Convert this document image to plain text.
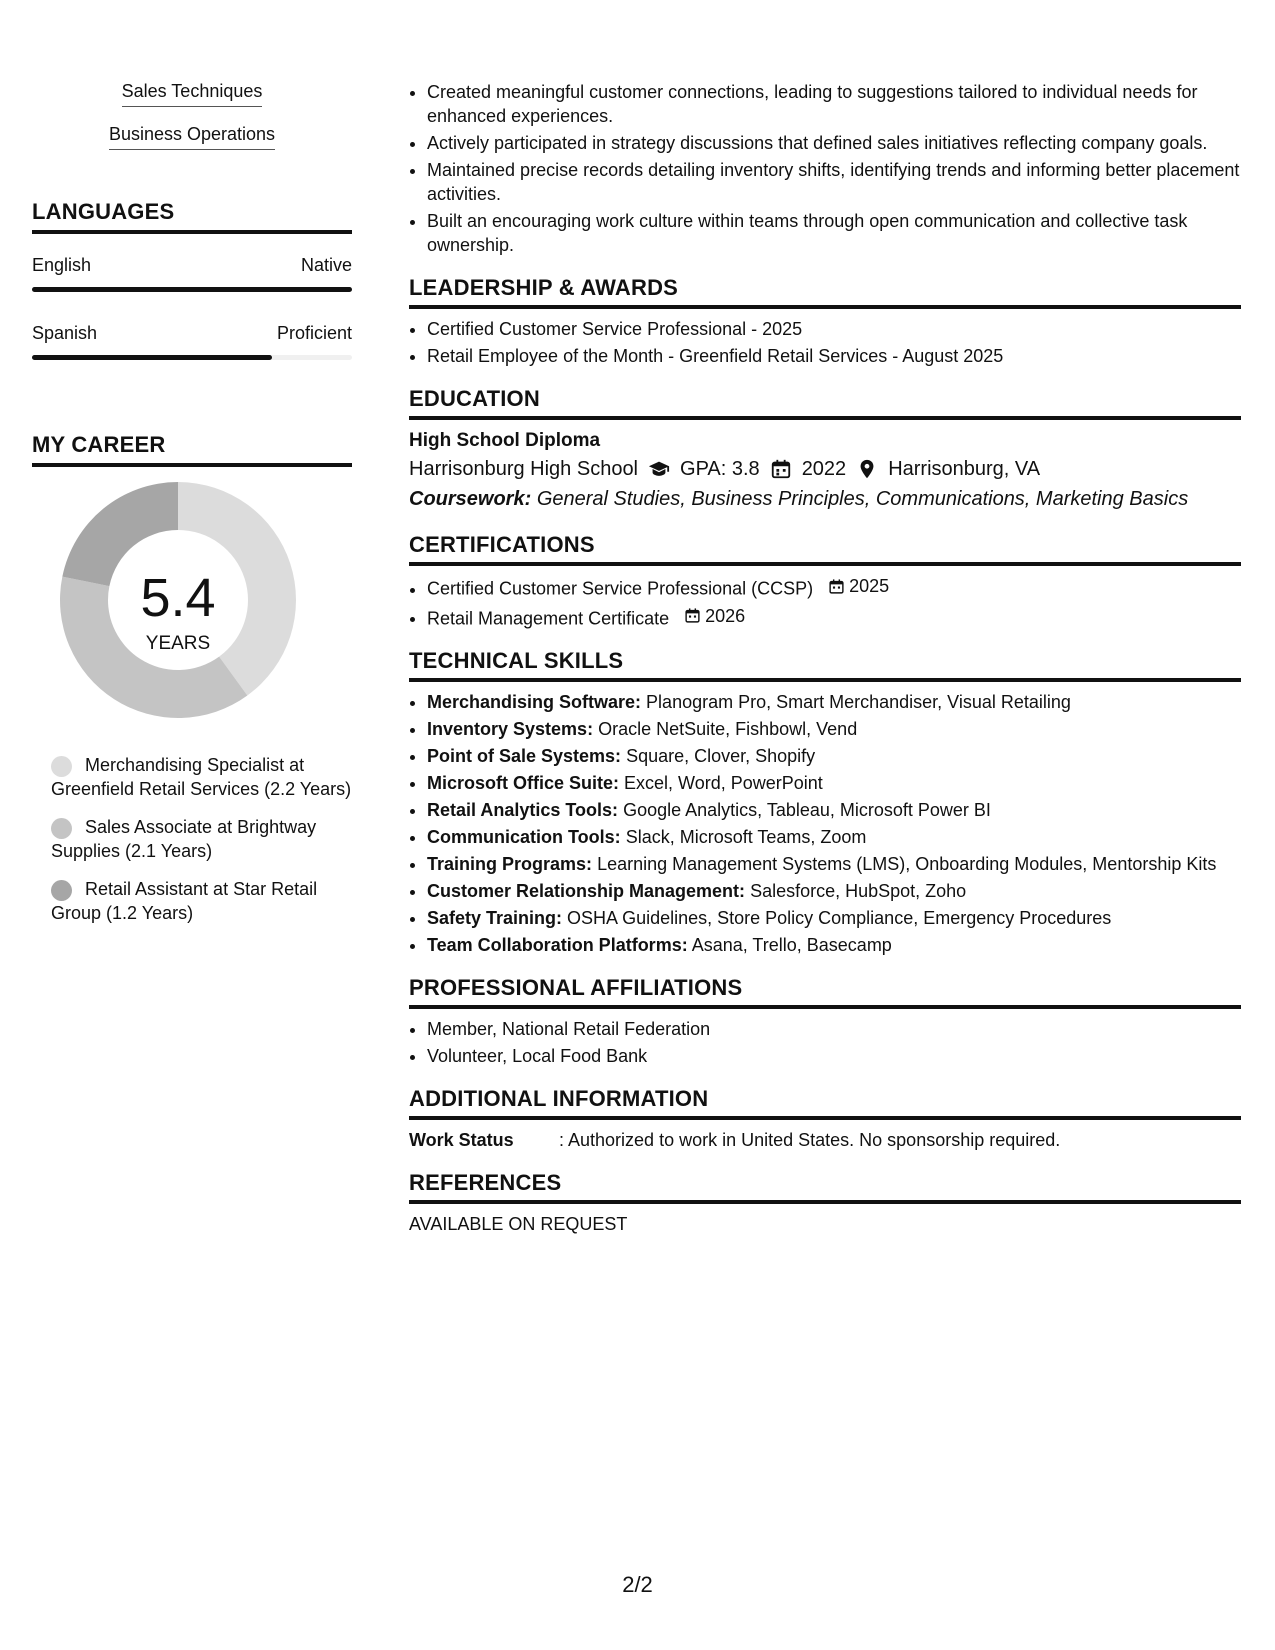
Sales Techniques
Business Operations
LANGUAGES
English	Native
Spanish	Proficient
MY CAREER
5.4
YEARS
Merchandising Specialist at Greenfield Retail Services (2.2 Years)
Sales Associate at Brightway Supplies (2.1 Years)
Retail Assistant at Star Retail Group (1.2 Years)
• Created meaningful customer connections, leading to suggestions tailored to individual needs for enhanced experiences.
• Actively participated in strategy discussions that defined sales initiatives reflecting company goals.
• Maintained precise records detailing inventory shifts, identifying trends and informing better placement activities.
• Built an encouraging work culture within teams through open communication and collective task ownership.
LEADERSHIP & AWARDS
• Certified Customer Service Professional - 2025
• Retail Employee of the Month - Greenfield Retail Services - August 2025
EDUCATION
High School Diploma
Harrisonburg High School GPA: 3.8 2022 Harrisonburg, VA
Coursework: General Studies, Business Principles, Communications, Marketing Basics
CERTIFICATIONS
• Certified Customer Service Professional (CCSP) 2025
• Retail Management Certificate 2026
TECHNICAL SKILLS
• Merchandising Software: Planogram Pro, Smart Merchandiser, Visual Retailing
• Inventory Systems: Oracle NetSuite, Fishbowl, Vend
• Point of Sale Systems: Square, Clover, Shopify
• Microsoft Office Suite: Excel, Word, PowerPoint
• Retail Analytics Tools: Google Analytics, Tableau, Microsoft Power BI
• Communication Tools: Slack, Microsoft Teams, Zoom
• Training Programs: Learning Management Systems (LMS), Onboarding Modules, Mentorship Kits
• Customer Relationship Management: Salesforce, HubSpot, Zoho
• Safety Training: OSHA Guidelines, Store Policy Compliance, Emergency Procedures
• Team Collaboration Platforms: Asana, Trello, Basecamp
PROFESSIONAL AFFILIATIONS
• Member, National Retail Federation
• Volunteer, Local Food Bank
ADDITIONAL INFORMATION
Work Status	: Authorized to work in United States. No sponsorship required.
REFERENCES
AVAILABLE ON REQUEST
2/2
